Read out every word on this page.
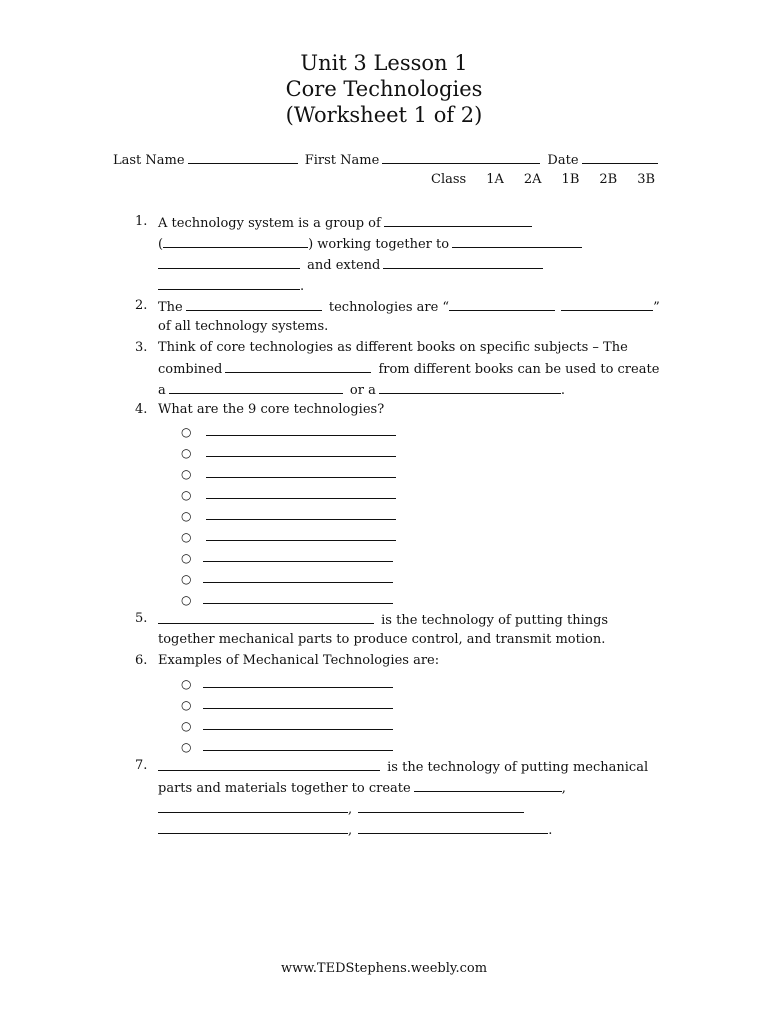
Unit 3 Lesson 1
Core Technologies
(Worksheet 1 of 2)
Last Name	First Name	Date
Class 1A 2A 1B 2B 3B
1. A technology system is a group of
(	) working together to
and extend
.
2. The	technologies are “	”
of all technology systems.
3. Think of core technologies as different books on specific subjects – The
combined	from different books can be used to create
a	or a	.
4. What are the 9 core technologies?
○
○
○
○
○
○
○
○
○
5.	is the technology of putting things
together mechanical parts to produce control, and transmit motion.
6. Examples of Mechanical Technologies are:
○
○
○
○
7.	is the technology of putting mechanical
parts and materials together to create	,
,
,	.
www.TEDStephens.weebly.com
